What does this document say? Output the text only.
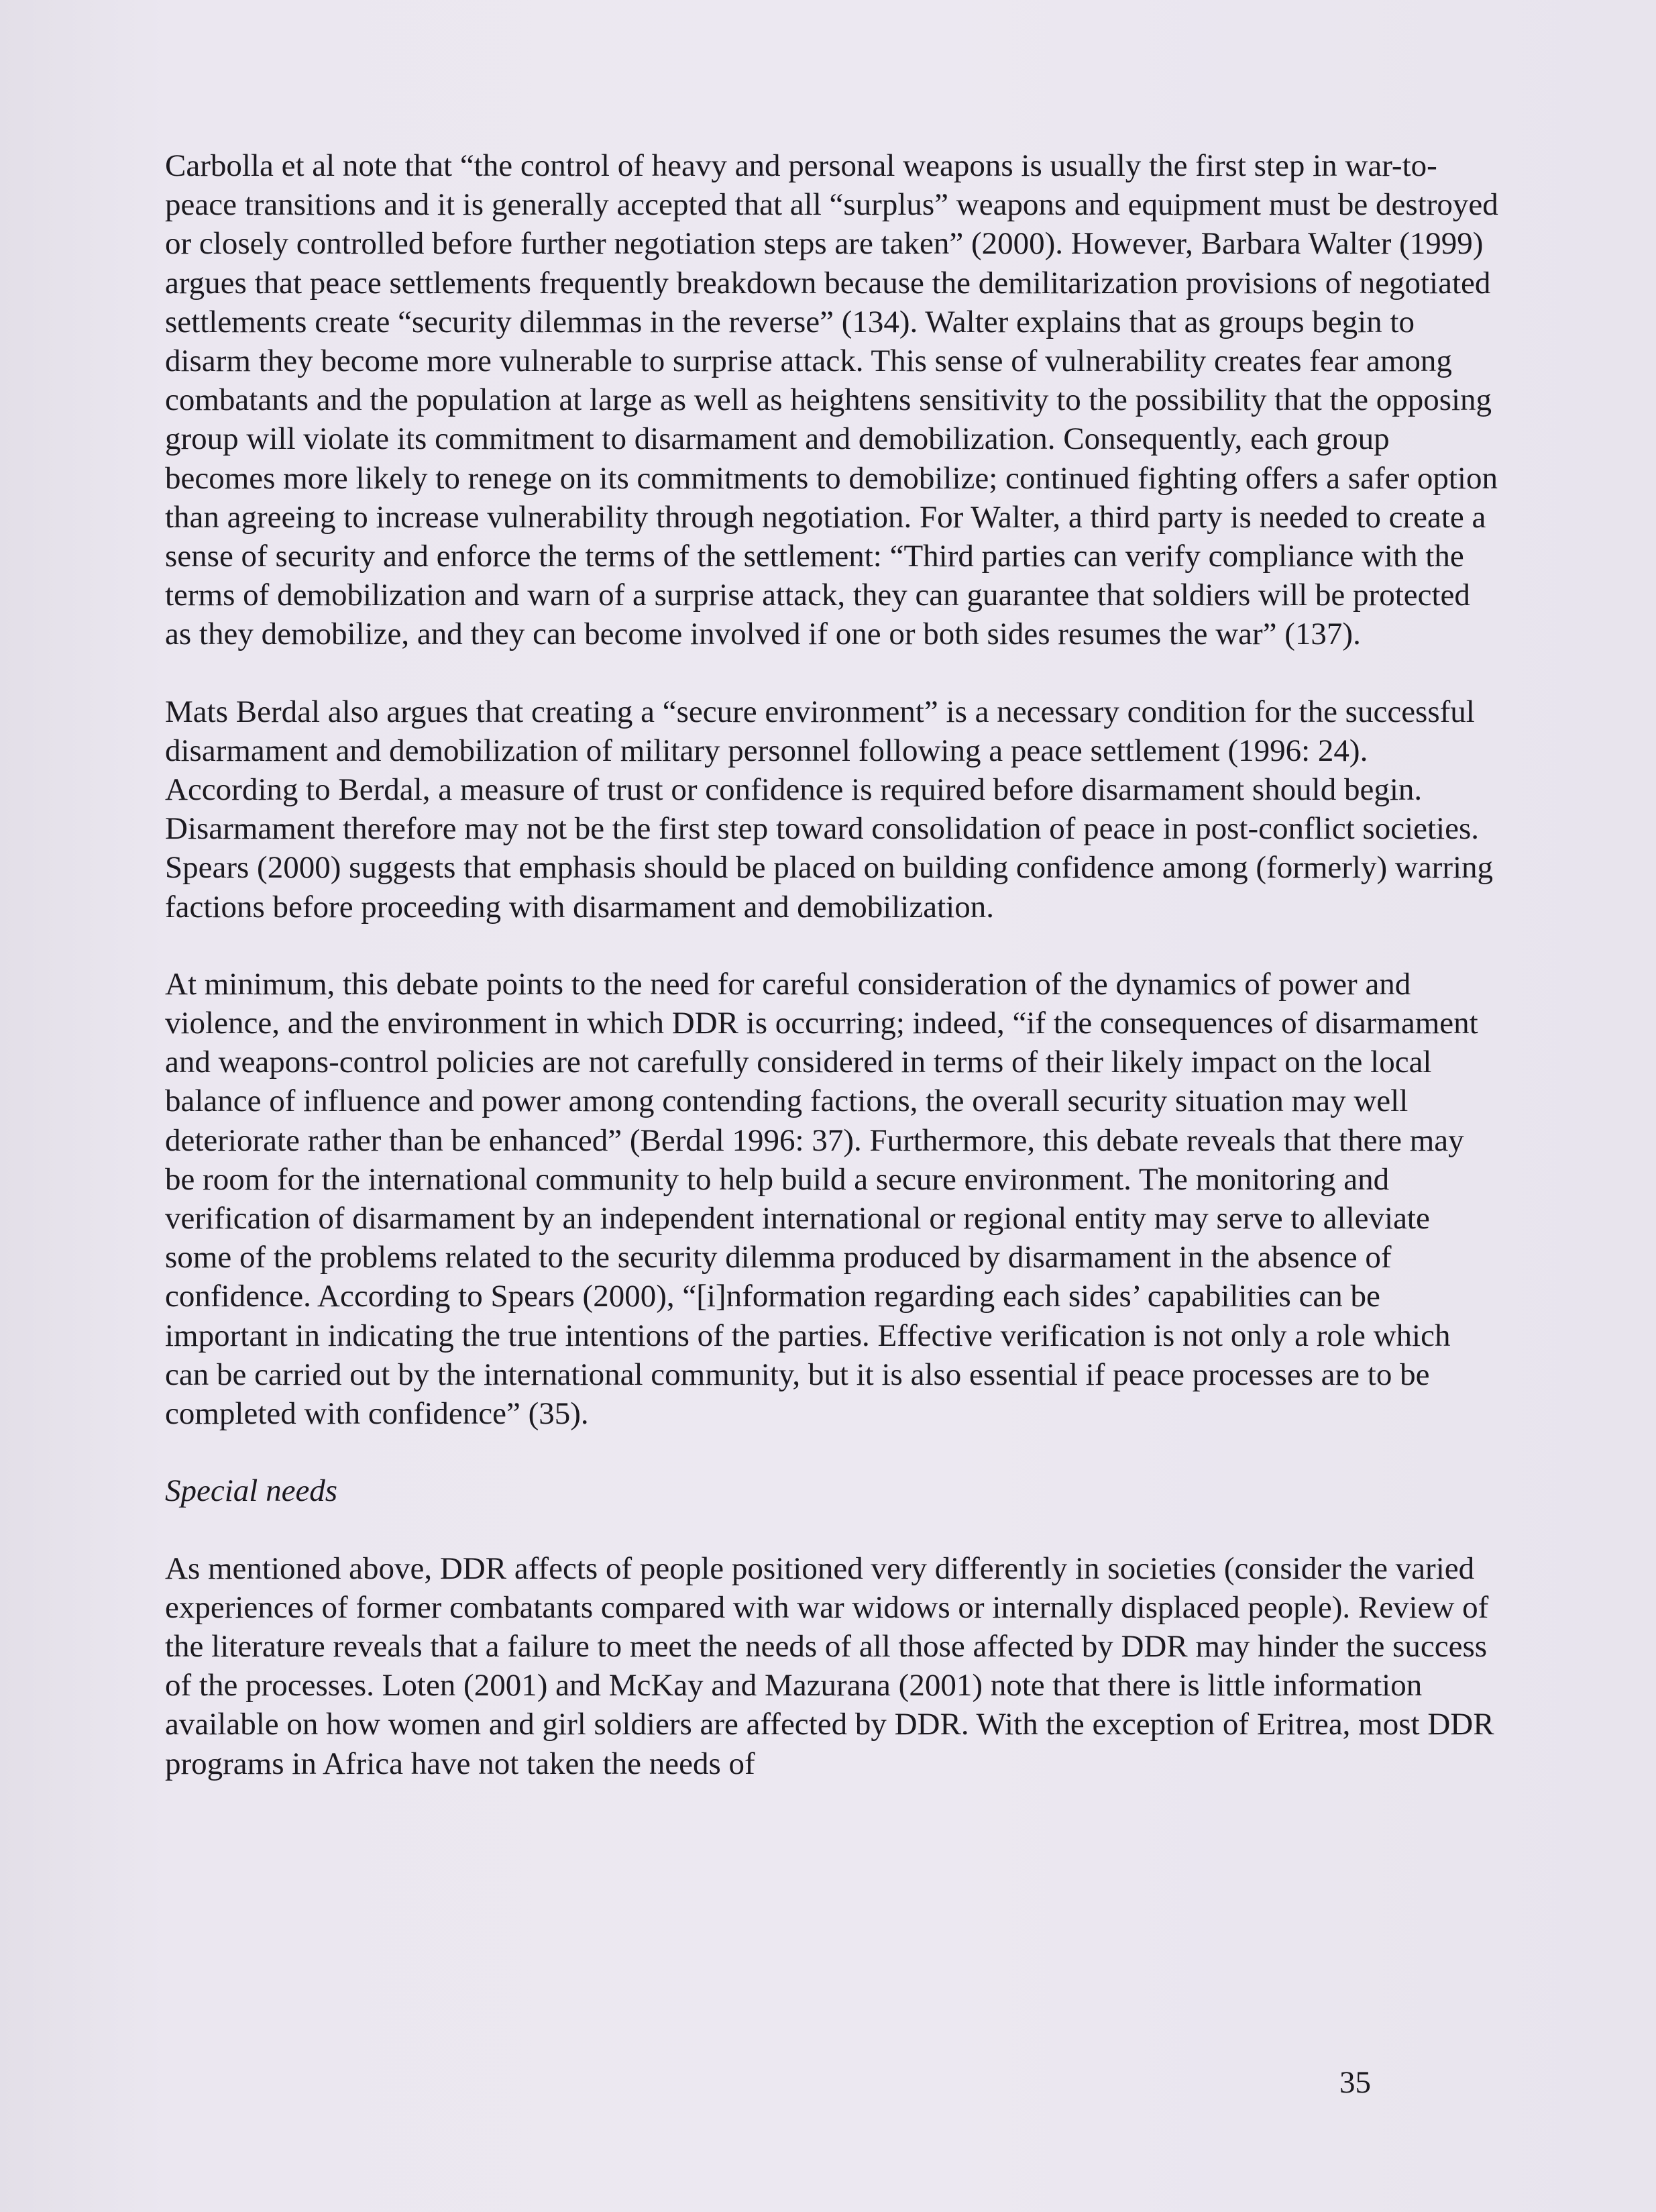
Carbolla et al note that “the control of heavy and personal weapons is usually the first step in war-to-peace transitions and it is generally accepted that all “surplus” weapons and equipment must be destroyed or closely controlled before further negotiation steps are taken” (2000). However, Barbara Walter (1999) argues that peace settlements frequently breakdown because the demilitarization provisions of negotiated settlements create “security dilemmas in the reverse” (134). Walter explains that as groups begin to disarm they become more vulnerable to surprise attack. This sense of vulnerability creates fear among combatants and the population at large as well as heightens sensitivity to the possibility that the opposing group will violate its commitment to disarmament and demobilization. Consequently, each group becomes more likely to renege on its commitments to demobilize; continued fighting offers a safer option than agreeing to increase vulnerability through negotiation. For Walter, a third party is needed to create a sense of security and enforce the terms of the settlement: “Third parties can verify compliance with the terms of demobilization and warn of a surprise attack, they can guarantee that soldiers will be protected as they demobilize, and they can become involved if one or both sides resumes the war” (137).

Mats Berdal also argues that creating a “secure environment” is a necessary condition for the successful disarmament and demobilization of military personnel following a peace settlement (1996: 24). According to Berdal, a measure of trust or confidence is required before disarmament should begin. Disarmament therefore may not be the first step toward consolidation of peace in post-conflict societies. Spears (2000) suggests that emphasis should be placed on building confidence among (formerly) warring factions before proceeding with disarmament and demobilization.

At minimum, this debate points to the need for careful consideration of the dynamics of power and violence, and the environment in which DDR is occurring; indeed, “if the consequences of disarmament and weapons-control policies are not carefully considered in terms of their likely impact on the local balance of influence and power among contending factions, the overall security situation may well deteriorate rather than be enhanced” (Berdal 1996: 37). Furthermore, this debate reveals that there may be room for the international community to help build a secure environment. The monitoring and verification of disarmament by an independent international or regional entity may serve to alleviate some of the problems related to the security dilemma produced by disarmament in the absence of confidence. According to Spears (2000), “[i]nformation regarding each sides’ capabilities can be important in indicating the true intentions of the parties. Effective verification is not only a role which can be carried out by the international community, but it is also essential if peace processes are to be completed with confidence” (35).

Special needs

As mentioned above, DDR affects of people positioned very differently in societies (consider the varied experiences of former combatants compared with war widows or internally displaced people). Review of the literature reveals that a failure to meet the needs of all those affected by DDR may hinder the success of the processes. Loten (2001) and McKay and Mazurana (2001) note that there is little information available on how women and girl soldiers are affected by DDR. With the exception of Eritrea, most DDR programs in Africa have not taken the needs of

35
